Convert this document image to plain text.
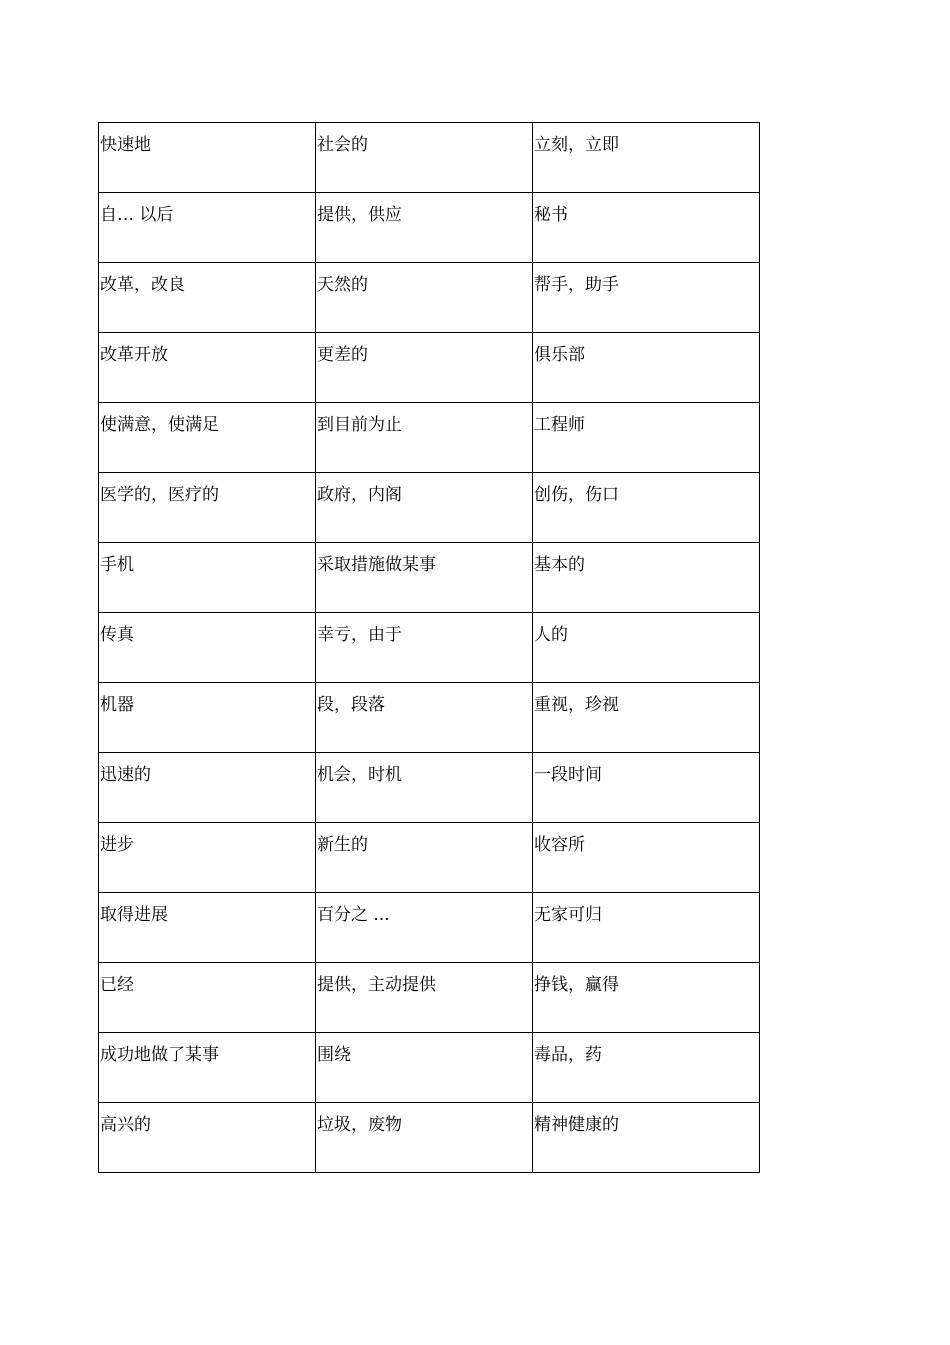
快速地	社会的	立刻，立即

自… 以后	提供，供应	秘书

改革，改良	天然的	帮手，助手

改革开放	更差的	俱乐部

使满意，使满足	到目前为止	工程师

医学的，医疗的	政府，内阁	创伤，伤口

手机	采取措施做某事	基本的

传真	幸亏，由于	人的

机器	段，段落	重视，珍视

迅速的	机会，时机	一段时间

进步	新生的	收容所

取得进展	百分之 ...	无家可归

已经	提供，主动提供	挣钱，赢得

成功地做了某事	围绕	毒品，药

高兴的	垃圾，废物	精神健康的
